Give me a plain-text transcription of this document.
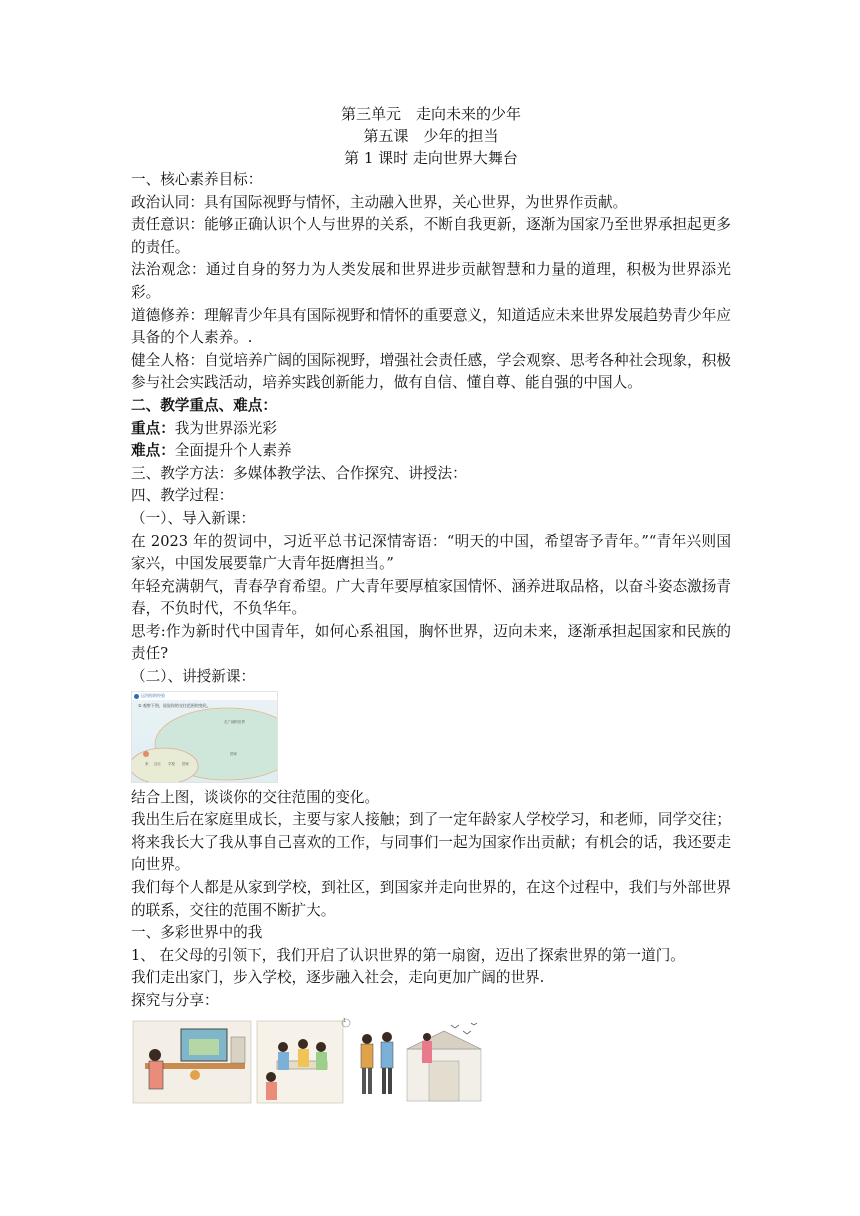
第三单元　走向未来的少年

第五课　少年的担当

第 1 课时 走向世界大舞台

一、核心素养目标：

政治认同：具有国际视野与情怀，主动融入世界，关心世界，为世界作贡献。

责任意识：能够正确认识个人与世界的关系，不断自我更新，逐渐为国家乃至世界承担起更多的责任。

法治观念：通过自身的努力为人类发展和世界进步贡献智慧和力量的道理，积极为世界添光彩。

道德修养：理解青少年具有国际视野和情怀的重要意义，知道适应未来世界发展趋势青少年应具备的个人素养。.

健全人格：自觉培养广阔的国际视野，增强社会责任感，学会观察、思考各种社会现象，积极参与社会实践活动，培养实践创新能力，做有自信、懂自尊、能自强的中国人。

二、教学重点、难点：

重点：我为世界添光彩

难点：全面提升个人素养

三、教学方法：多媒体教学法、合作探究、讲授法：

四、教学过程：

（一）、导入新课：

在 2023 年的贺词中，习近平总书记深情寄语：“明天的中国，希望寄予青年。”“青年兴则国家兴，中国发展要靠广大青年挺膺担当。”

年轻充满朝气，青春孕育希望。广大青年要厚植家国情怀、涵养进取品格，以奋斗姿态激扬青春，不负时代，不负华年。

思考:作为新时代中国青年，如何心系祖国，胸怀世界，迈向未来，逐渐承担起国家和民族的责任?

（二）、讲授新课：

运用你的经验
② 观察下图，说说你的交往范围的变化。
走广阔的世界
国家
家 社区 学校 国家

结合上图，谈谈你的交往范围的变化。

我出生后在家庭里成长，主要与家人接触；到了一定年龄家人学校学习，和老师，同学交往；将来我长大了我从事自己喜欢的工作，与同事们一起为国家作出贡献；有机会的话，我还要走向世界。

我们每个人都是从家到学校，到社区，到国家并走向世界的，在这个过程中，我们与外部世界的联系，交往的范围不断扩大。

一、多彩世界中的我

1、 在父母的引领下，我们开启了认识世界的第一扇窗，迈出了探索世界的第一道门。

我们走出家门，步入学校，逐步融入社会，走向更加广阔的世界.

探究与分享：

1
